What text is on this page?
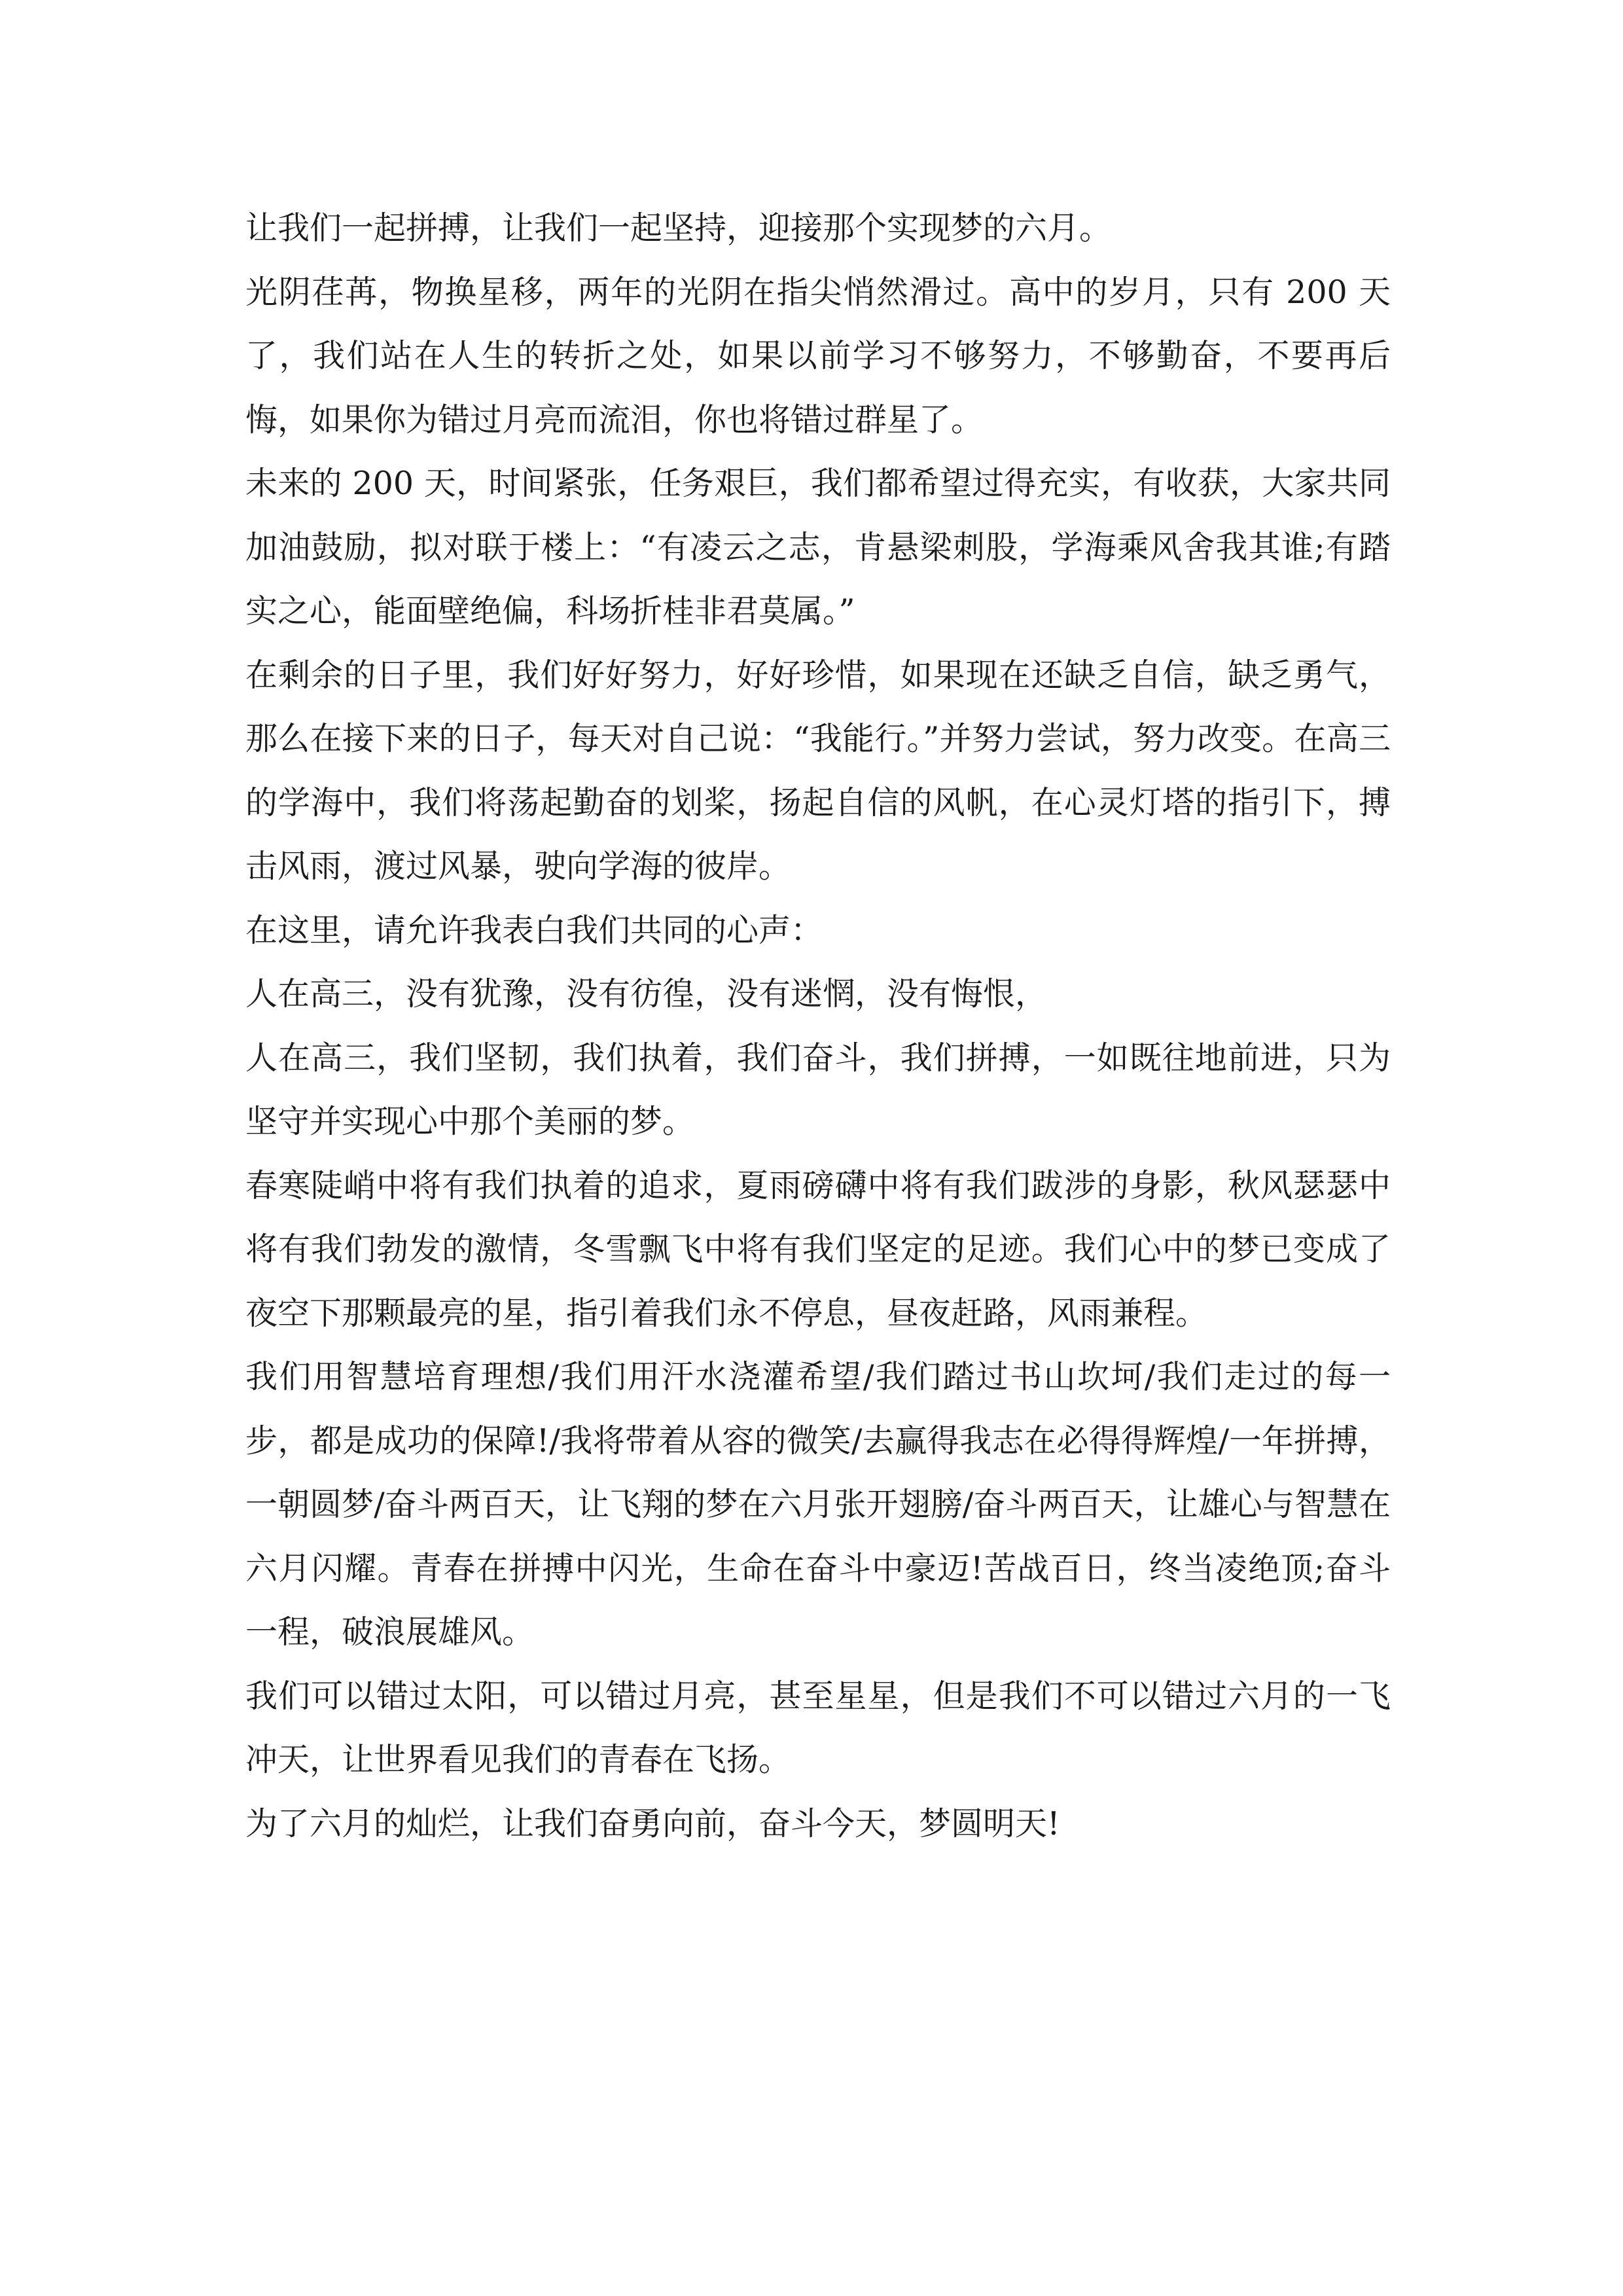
让我们一起拼搏，让我们一起坚持，迎接那个实现梦的六月。

光阴荏苒，物换星移，两年的光阴在指尖悄然滑过。高中的岁月，只有 200 天了，我们站在人生的转折之处，如果以前学习不够努力，不够勤奋，不要再后悔，如果你为错过月亮而流泪，你也将错过群星了。

未来的 200 天，时间紧张，任务艰巨，我们都希望过得充实，有收获，大家共同加油鼓励，拟对联于楼上：“有凌云之志，肯悬梁刺股，学海乘风舍我其谁;有踏实之心，能面壁绝偏，科场折桂非君莫属。”

在剩余的日子里，我们好好努力，好好珍惜，如果现在还缺乏自信，缺乏勇气，那么在接下来的日子，每天对自己说：“我能行。”并努力尝试，努力改变。在高三的学海中，我们将荡起勤奋的划桨，扬起自信的风帆，在心灵灯塔的指引下，搏击风雨，渡过风暴，驶向学海的彼岸。

在这里，请允许我表白我们共同的心声：

人在高三，没有犹豫，没有彷徨，没有迷惘，没有悔恨，

人在高三，我们坚韧，我们执着，我们奋斗，我们拼搏，一如既往地前进，只为坚守并实现心中那个美丽的梦。

春寒陡峭中将有我们执着的追求，夏雨磅礴中将有我们跋涉的身影，秋风瑟瑟中将有我们勃发的激情，冬雪飘飞中将有我们坚定的足迹。我们心中的梦已变成了夜空下那颗最亮的星，指引着我们永不停息，昼夜赶路，风雨兼程。

我们用智慧培育理想/我们用汗水浇灌希望/我们踏过书山坎坷/我们走过的每一步，都是成功的保障!/我将带着从容的微笑/去赢得我志在必得得辉煌/一年拼搏，一朝圆梦/奋斗两百天，让飞翔的梦在六月张开翅膀/奋斗两百天，让雄心与智慧在六月闪耀。青春在拼搏中闪光，生命在奋斗中豪迈!苦战百日，终当凌绝顶;奋斗一程，破浪展雄风。

我们可以错过太阳，可以错过月亮，甚至星星，但是我们不可以错过六月的一飞冲天，让世界看见我们的青春在飞扬。

为了六月的灿烂，让我们奋勇向前，奋斗今天，梦圆明天!
